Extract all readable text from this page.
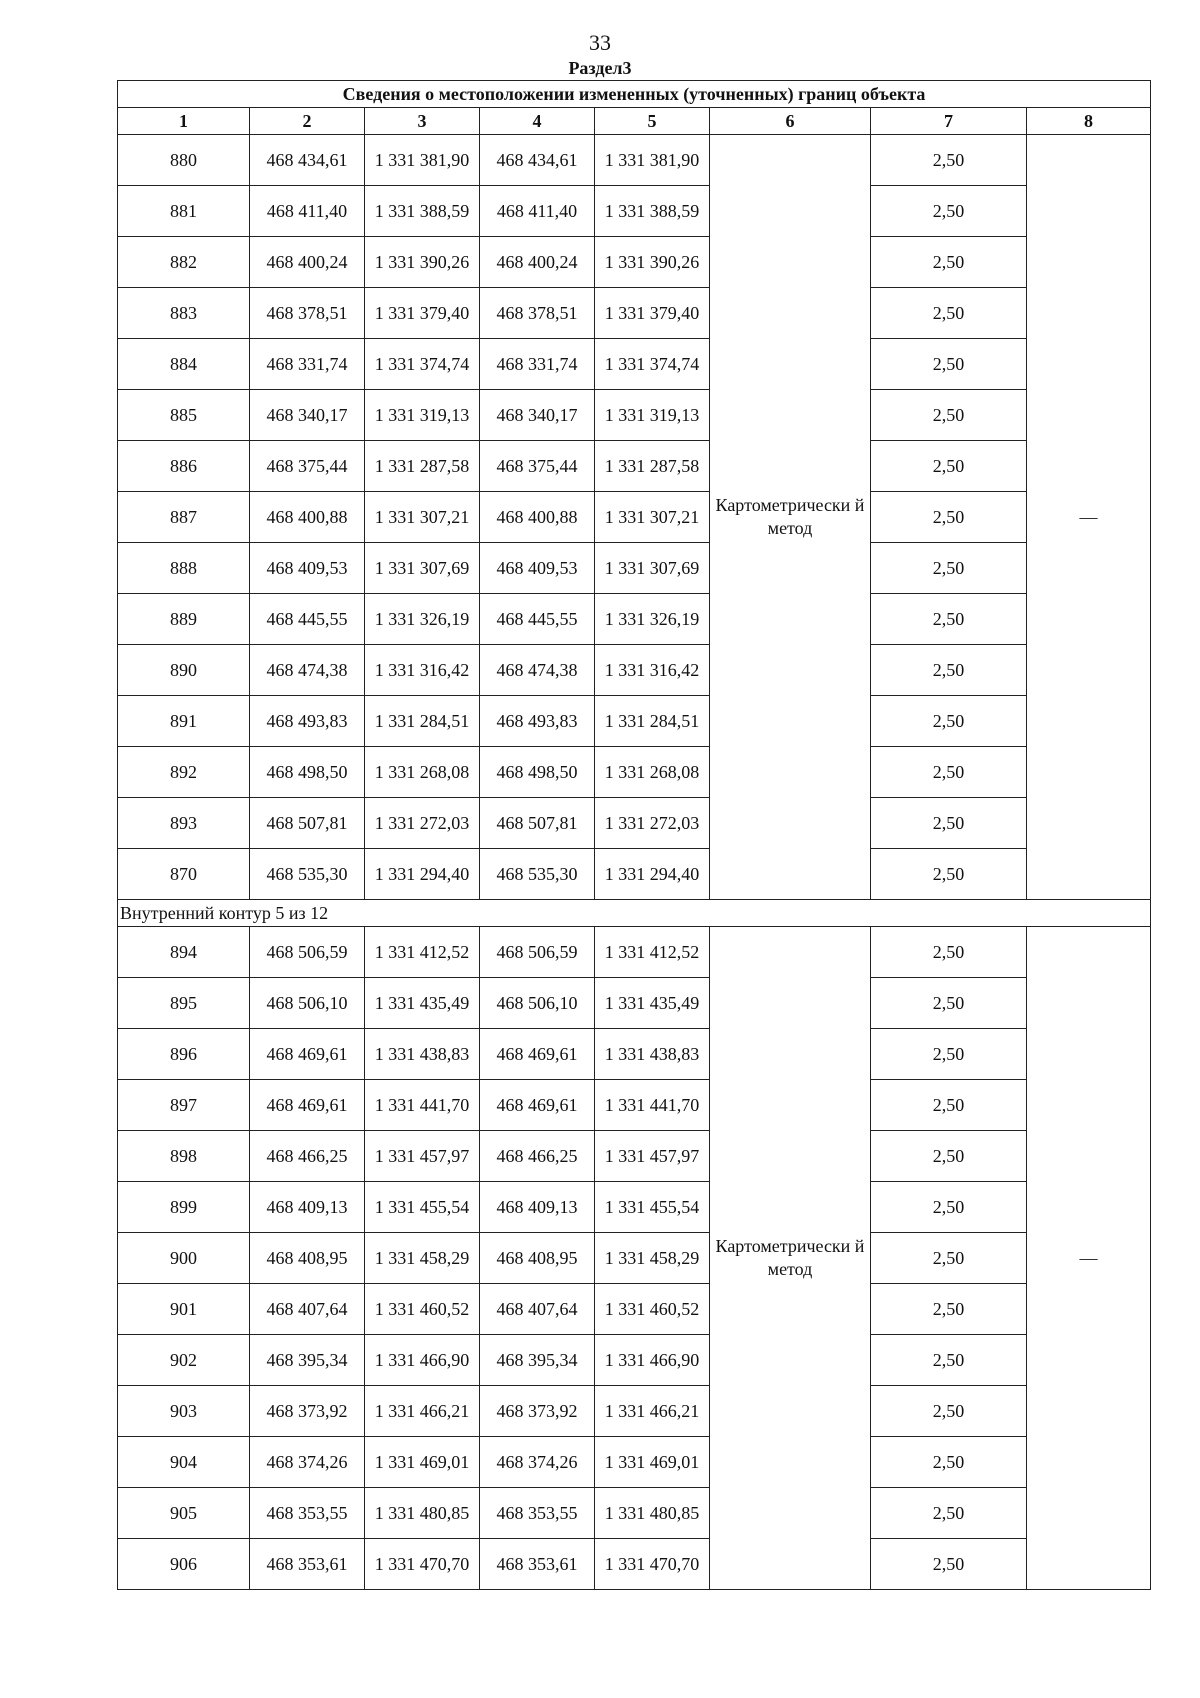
33
Раздел3
Сведения о местоположении измененных (уточненных) границ объекта							
1	2	3	4	5	6	7	8
880	468 434,61	1 331 381,90	468 434,61	1 331 381,90	Картометрически й метод	2,50	—
881	468 411,40	1 331 388,59	468 411,40	1 331 388,59		2,50	
882	468 400,24	1 331 390,26	468 400,24	1 331 390,26		2,50	
883	468 378,51	1 331 379,40	468 378,51	1 331 379,40		2,50	
884	468 331,74	1 331 374,74	468 331,74	1 331 374,74		2,50	
885	468 340,17	1 331 319,13	468 340,17	1 331 319,13		2,50	
886	468 375,44	1 331 287,58	468 375,44	1 331 287,58		2,50	
887	468 400,88	1 331 307,21	468 400,88	1 331 307,21		2,50	
888	468 409,53	1 331 307,69	468 409,53	1 331 307,69		2,50	
889	468 445,55	1 331 326,19	468 445,55	1 331 326,19		2,50	
890	468 474,38	1 331 316,42	468 474,38	1 331 316,42		2,50	
891	468 493,83	1 331 284,51	468 493,83	1 331 284,51		2,50	
892	468 498,50	1 331 268,08	468 498,50	1 331 268,08		2,50	
893	468 507,81	1 331 272,03	468 507,81	1 331 272,03		2,50	
870	468 535,30	1 331 294,40	468 535,30	1 331 294,40		2,50	
Внутренний контур 5 из 12							
894	468 506,59	1 331 412,52	468 506,59	1 331 412,52	Картометрически й метод	2,50	—
895	468 506,10	1 331 435,49	468 506,10	1 331 435,49		2,50	
896	468 469,61	1 331 438,83	468 469,61	1 331 438,83		2,50	
897	468 469,61	1 331 441,70	468 469,61	1 331 441,70		2,50	
898	468 466,25	1 331 457,97	468 466,25	1 331 457,97		2,50	
899	468 409,13	1 331 455,54	468 409,13	1 331 455,54		2,50	
900	468 408,95	1 331 458,29	468 408,95	1 331 458,29		2,50	
901	468 407,64	1 331 460,52	468 407,64	1 331 460,52		2,50	
902	468 395,34	1 331 466,90	468 395,34	1 331 466,90		2,50	
903	468 373,92	1 331 466,21	468 373,92	1 331 466,21		2,50	
904	468 374,26	1 331 469,01	468 374,26	1 331 469,01		2,50	
905	468 353,55	1 331 480,85	468 353,55	1 331 480,85		2,50	
906	468 353,61	1 331 470,70	468 353,61	1 331 470,70		2,50	
